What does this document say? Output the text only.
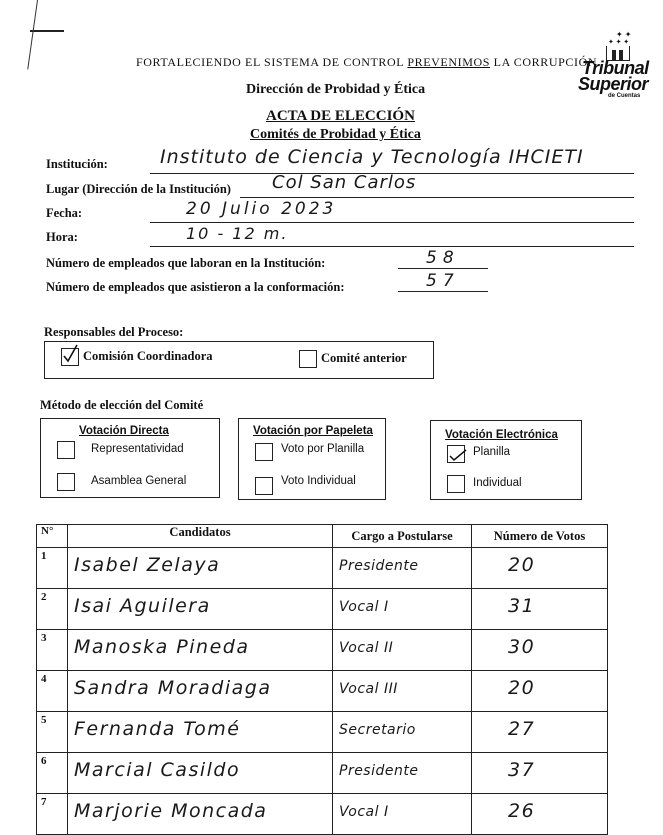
FORTALECIENDO EL SISTEMA DE CONTROL PREVENIMOS LA CORRUPCIÓN
Dirección de Probidad y Ética
✦ ✦
✦ ✦ ✦
Tribunal
Superior
de Cuentas
ACTA DE ELECCIÓN
Comités de Probidad y Ética
Institución:	Instituto de Ciencia y Tecnología IHCIETI
Lugar (Dirección de la Institución) Col San Carlos
Fecha:	20 Julio 2023
Hora:	10 - 12 m.
Número de empleados que laboran en la Institución:	58
Número de empleados que asistieron a la conformación:	57
Responsables del Proceso:
Comisión Coordinadora	Comité anterior
Método de elección del Comité
Votación Directa
Representatividad
Asamblea General
Votación por Papeleta
Voto por Planilla
Voto Individual
Votación Electrónica
Planilla
Individual
N°	Candidatos	Cargo a Postularse	Número de Votos
1	Isabel Zelaya	Presidente	20
2	Isai Aguilera	Vocal I	31
3	Manoska Pineda	Vocal II	30
4	Sandra Moradiaga	Vocal III	20
5	Fernanda Tomé	Secretario	27
6	Marcial Casildo	Presidente	37
7	Marjorie Moncada	Vocal I	26
